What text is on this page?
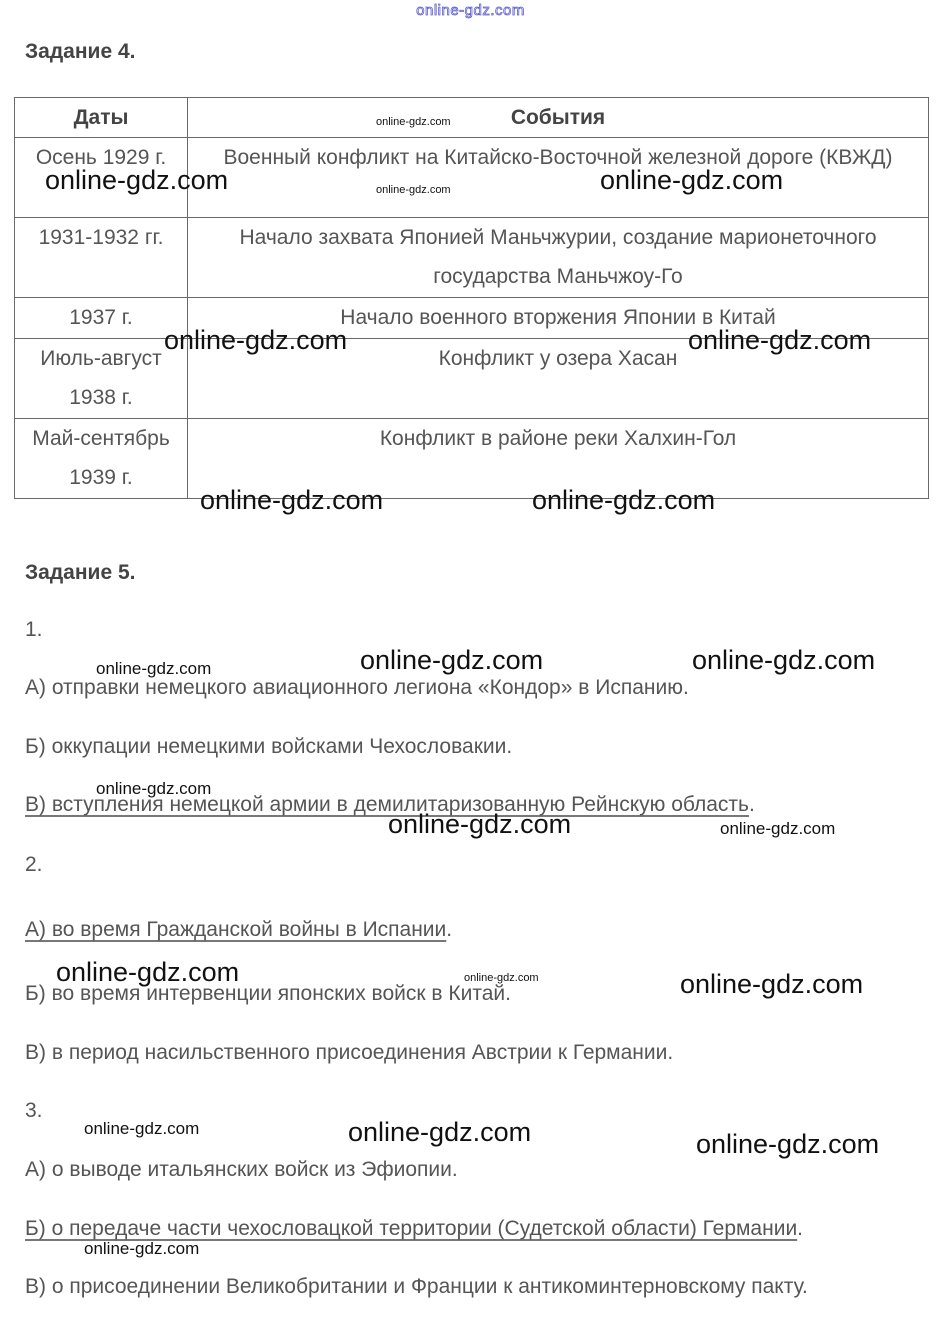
online-gdz.com
Задание 4.
Даты	События
Осень 1929 г.	Военный конфликт на Китайско-Восточной железной дороге (КВЖД)
1931-1932 гг.	Начало захвата Японией Маньчжурии, создание марионеточного государства Маньчжоу-Го
1937 г.	Начало военного вторжения Японии в Китай
Июль-август 1938 г.	Конфликт у озера Хасан
Май-сентябрь 1939 г.	Конфликт в районе реки Халхин-Гол
Задание 5.
1.
А) отправки немецкого авиационного легиона «Кондор» в Испанию.
Б) оккупации немецкими войсками Чехословакии.
В) вступления немецкой армии в демилитаризованную Рейнскую область.
2.
А) во время Гражданской войны в Испании.
Б) во время интервенции японских войск в Китай.
В) в период насильственного присоединения Австрии к Германии.
3.
А) о выводе итальянских войск из Эфиопии.
Б) о передаче части чехословацкой территории (Судетской области) Германии.
В) о присоединении Великобритании и Франции к антикоминтерновскому пакту.
online-gdz.com
online-gdz.com	online-gdz.com	online-gdz.com
online-gdz.com	online-gdz.com
online-gdz.com	online-gdz.com
online-gdz.com	online-gdz.com	online-gdz.com
online-gdz.com
online-gdz.com	online-gdz.com
online-gdz.com	online-gdz.com	online-gdz.com
online-gdz.com	online-gdz.com	online-gdz.com
online-gdz.com
